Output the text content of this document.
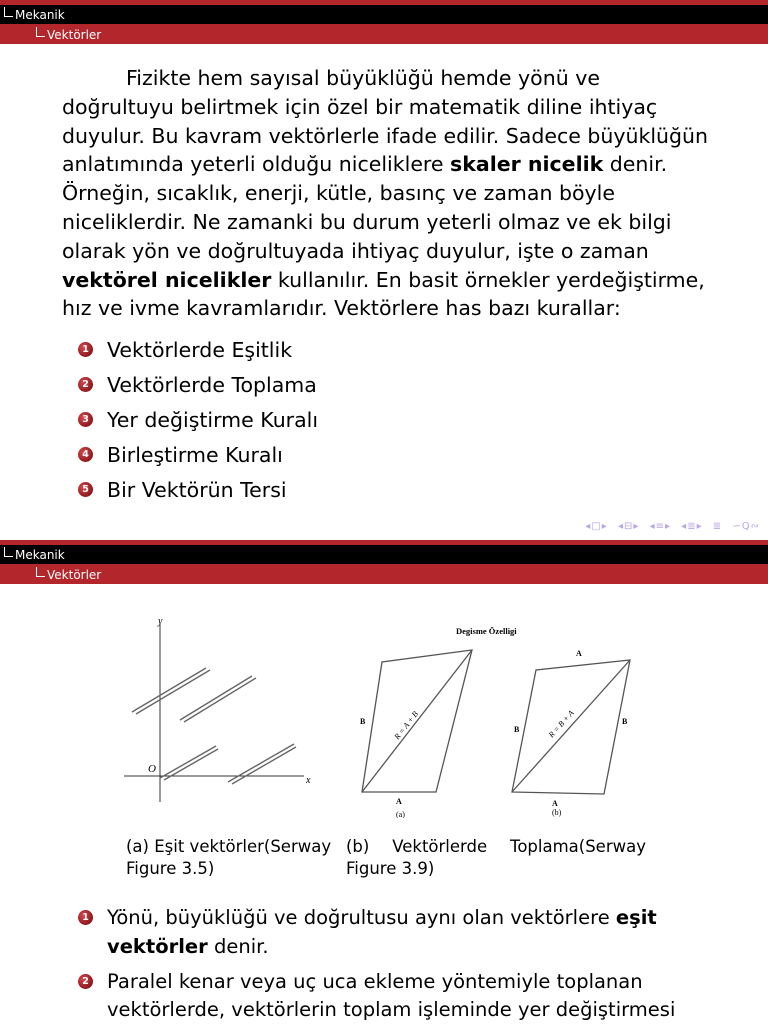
Mekanik
Vektörler
Fizikte hem sayısal büyüklüğü hemde yönü ve doğrultuyu belirtmek için özel bir matematik diline ihtiyaç duyulur. Bu kavram vektörlerle ifade edilir. Sadece büyüklüğün anlatımında yeterli olduğu niceliklere skaler nicelik denir. Örneğin, sıcaklık, enerji, kütle, basınç ve zaman böyle niceliklerdir. Ne zamanki bu durum yeterli olmaz ve ek bilgi olarak yön ve doğrultuyada ihtiyaç duyulur, işte o zaman vektörel nicelikler kullanılır. En basit örnekler yerdeğiştirme, hız ve ivme kavramlarıdır. Vektörlere has bazı kurallar:
1 Vektörlerde Eşitlik
2 Vektörlerde Toplama
3 Yer değiştirme Kuralı
4 Birleştirme Kuralı
5 Bir Vektörün Tersi
◂□▸ ◂⊟▸ ◂≡▸ ◂≣▸ ≣ ∽Q∾
Mekanik
Vektörler
y
x
O
Degisme Özelligi
B
A
R = A + B
(a)
A
B
B
A
R = B + A
(b)
(a) Eşit vektörler(Serway Figure 3.5)
(b) Vektörlerde Toplama(Serway Figure 3.9)
1 Yönü, büyüklüğü ve doğrultusu aynı olan vektörlere eşit vektörler denir.
2 Paralel kenar veya uç uca ekleme yöntemiyle toplanan vektörlerde, vektörlerin toplam işleminde yer değiştirmesi
